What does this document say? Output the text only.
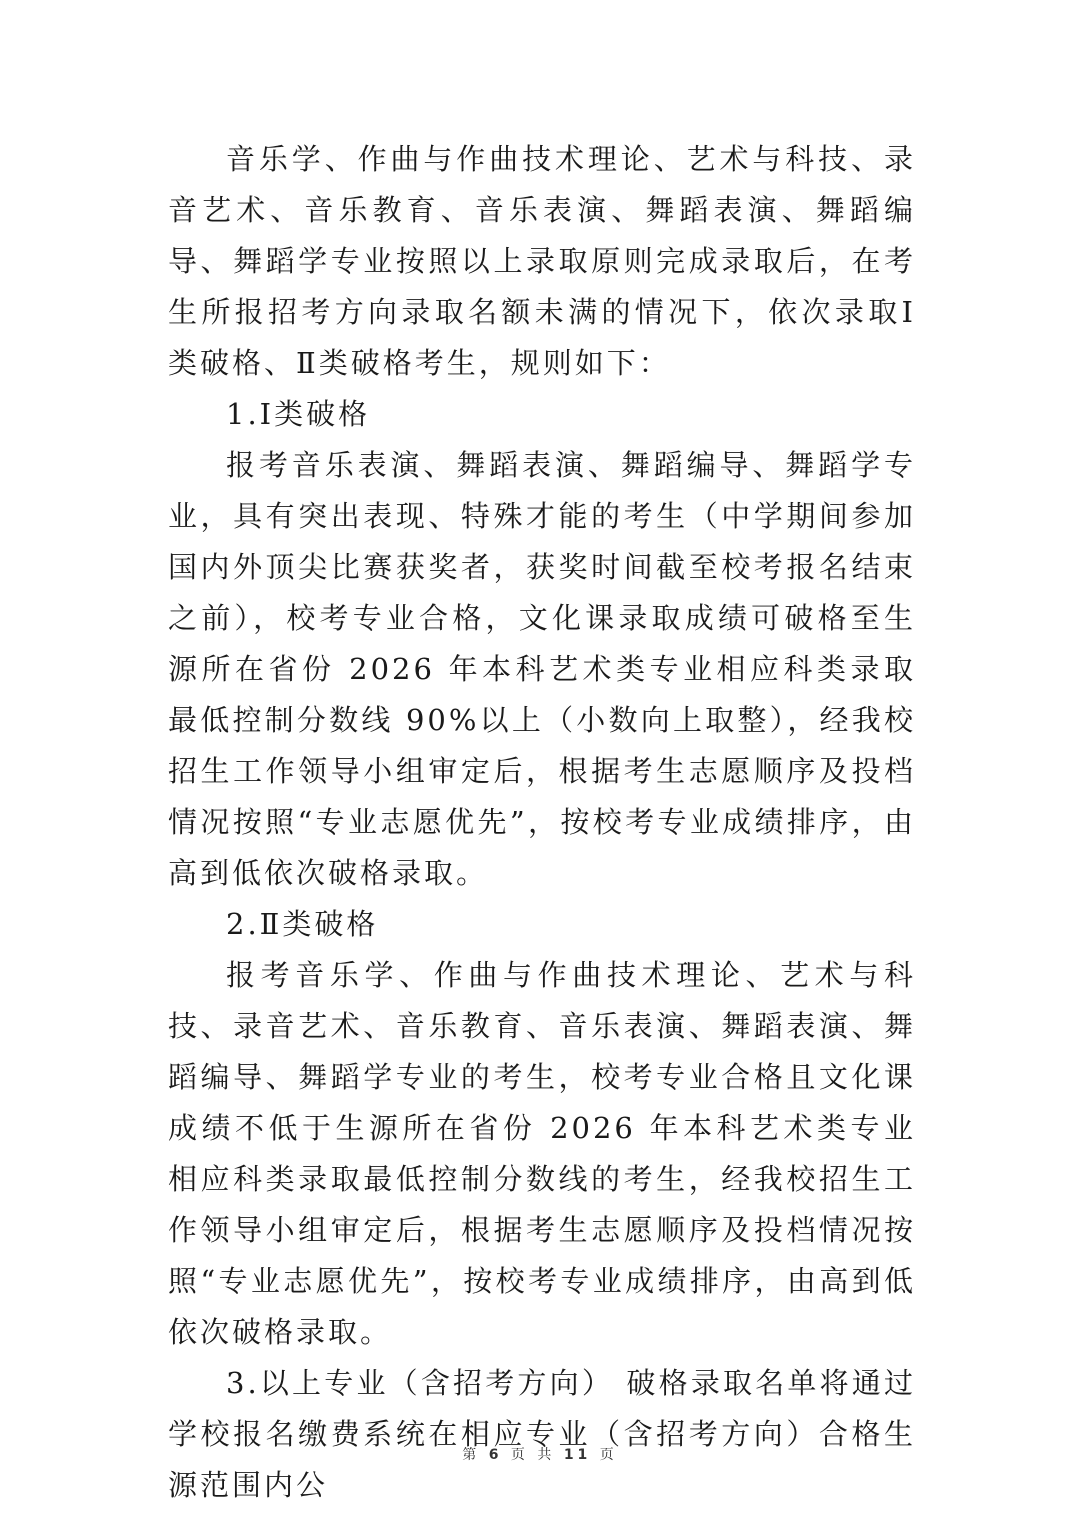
音乐学、作曲与作曲技术理论、艺术与科技、录音艺术、音乐教育、音乐表演、舞蹈表演、舞蹈编导、舞蹈学专业按照以上录取原则完成录取后，在考生所报招考方向录取名额未满的情况下，依次录取Ⅰ类破格、Ⅱ类破格考生，规则如下：

1.Ⅰ类破格

报考音乐表演、舞蹈表演、舞蹈编导、舞蹈学专业，具有突出表现、特殊才能的考生（中学期间参加国内外顶尖比赛获奖者，获奖时间截至校考报名结束之前），校考专业合格，文化课录取成绩可破格至生源所在省份 2026 年本科艺术类专业相应科类录取最低控制分数线 90%以上（小数向上取整），经我校招生工作领导小组审定后，根据考生志愿顺序及投档情况按照“专业志愿优先”，按校考专业成绩排序，由高到低依次破格录取。

2.Ⅱ类破格

报考音乐学、作曲与作曲技术理论、艺术与科技、录音艺术、音乐教育、音乐表演、舞蹈表演、舞蹈编导、舞蹈学专业的考生，校考专业合格且文化课成绩不低于生源所在省份 2026 年本科艺术类专业相应科类录取最低控制分数线的考生，经我校招生工作领导小组审定后，根据考生志愿顺序及投档情况按照“专业志愿优先”，按校考专业成绩排序，由高到低依次破格录取。

3.以上专业（含招考方向） 破格录取名单将通过学校报名缴费系统在相应专业（含招考方向）合格生源范围内公

第 6 页 共 11 页
